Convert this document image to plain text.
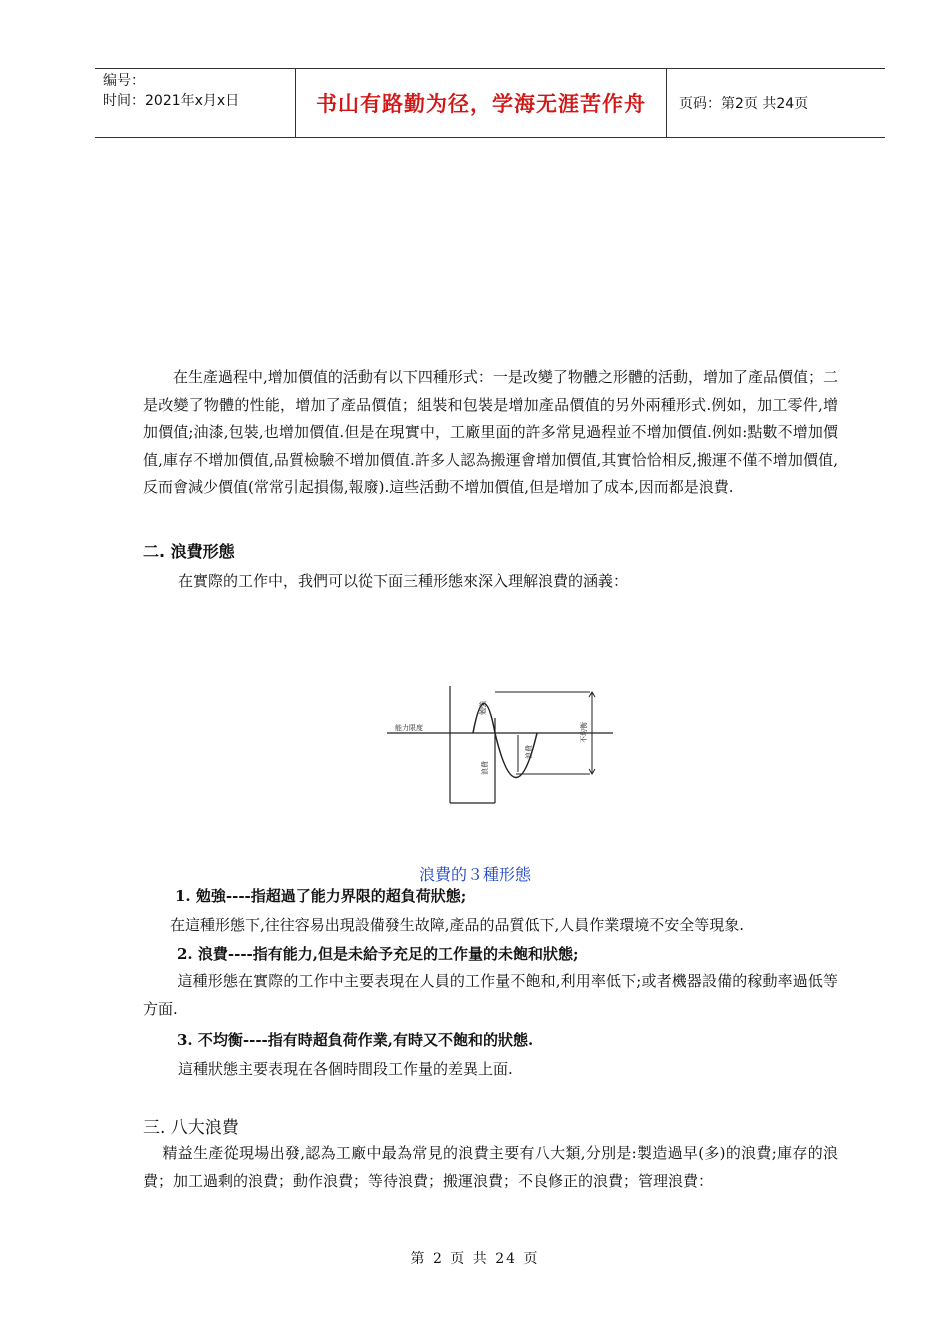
编号：
时间：2021年x月x日	书山有路勤为径，学海无涯苦作舟	页码：第2页 共24页

在生產過程中,增加價值的活動有以下四種形式：一是改變了物體之形體的活動，增加了產品價值；二是改變了物體的性能，增加了產品價值；組裝和包裝是增加產品價值的另外兩種形式.例如，加工零件,增加價值;油漆,包裝,也增加價值.但是在現實中，工廠里面的許多常見過程並不增加價值.例如:點數不增加價值,庫存不增加價值,品質檢驗不增加價值.許多人認為搬運會增加價值,其實恰恰相反,搬運不僅不增加價值,反而會減少價值(常常引起損傷,報廢).這些活動不增加價值,但是增加了成本,因而都是浪費.

二. 浪費形態

在實際的工作中，我們可以從下面三種形態來深入理解浪費的涵義：

能力限度
勉強
浪費
浪費
不均衡
浪費的３種形態

1. 勉強----指超過了能力界限的超負荷狀態;

在這種形態下,往往容易出現設備發生故障,產品的品質低下,人員作業環境不安全等現象.

2. 浪費----指有能力,但是未給予充足的工作量的未飽和狀態;

這種形態在實際的工作中主要表現在人員的工作量不飽和,利用率低下;或者機器設備的稼動率過低等方面.

3. 不均衡----指有時超負荷作業,有時又不飽和的狀態.

這種狀態主要表現在各個時間段工作量的差異上面.

三. 八大浪費

精益生產從現場出發,認為工廠中最為常見的浪費主要有八大類,分別是:製造過早(多)的浪費;庫存的浪費；加工過剩的浪費；動作浪費；等待浪費；搬運浪費；不良修正的浪費；管理浪費：

第 2 页 共 24 页
